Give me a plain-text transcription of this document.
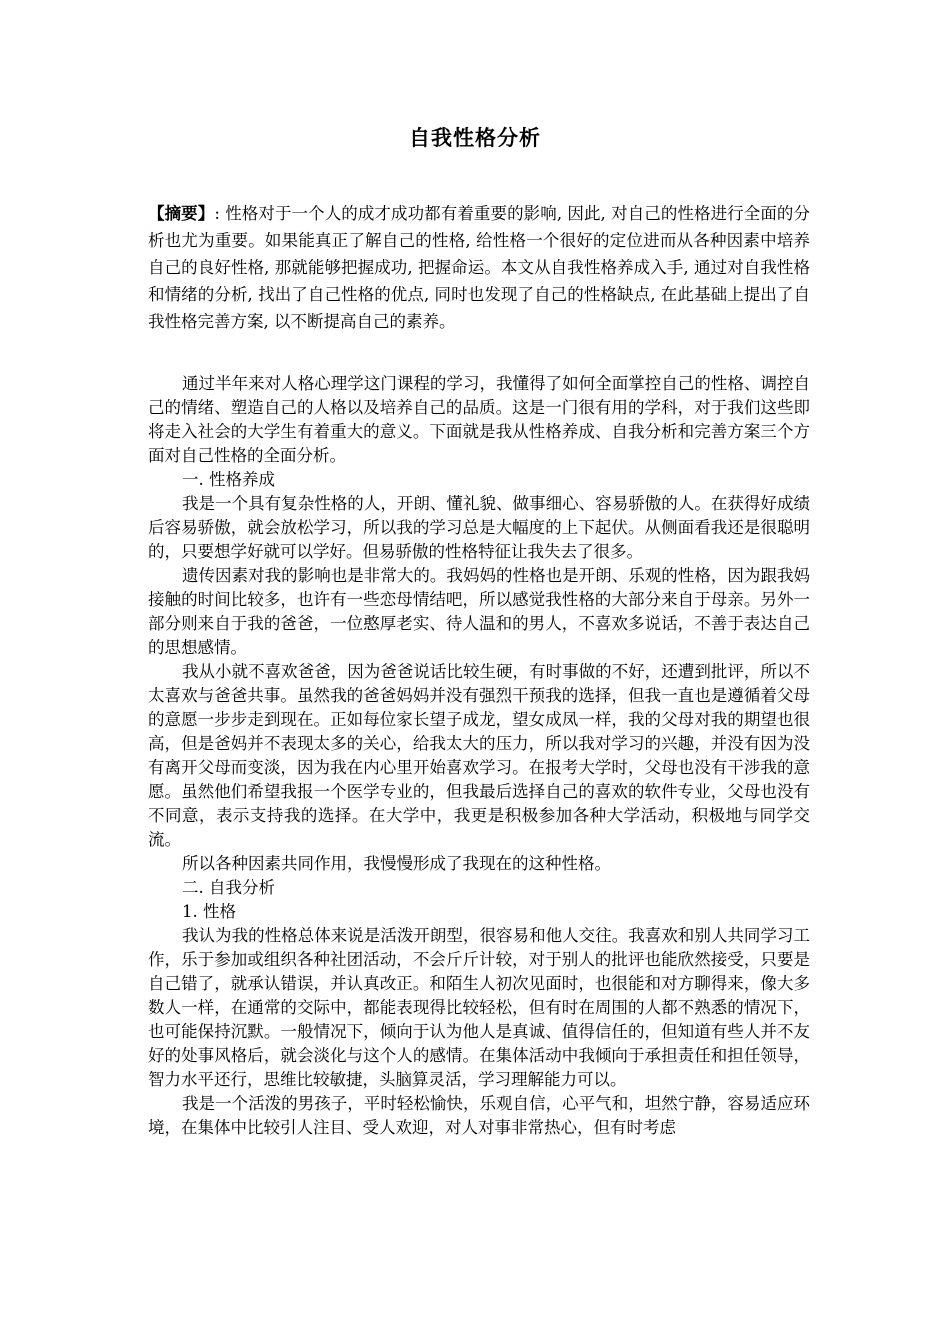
自我性格分析
【摘要】: 性格对于一个人的成才成功都有着重要的影响, 因此, 对自己的性格进行全面的分析也尤为重要。如果能真正了解自己的性格, 给性格一个很好的定位进而从各种因素中培养自己的良好性格, 那就能够把握成功, 把握命运。本文从自我性格养成入手, 通过对自我性格和情绪的分析, 找出了自己性格的优点, 同时也发现了自己的性格缺点, 在此基础上提出了自我性格完善方案, 以不断提高自己的素养。

通过半年来对人格心理学这门课程的学习，我懂得了如何全面掌控自己的性格、调控自己的情绪、塑造自己的人格以及培养自己的品质。这是一门很有用的学科，对于我们这些即将走入社会的大学生有着重大的意义。下面就是我从性格养成、自我分析和完善方案三个方面对自己性格的全面分析。

一. 性格养成

我是一个具有复杂性格的人，开朗、懂礼貌、做事细心、容易骄傲的人。在获得好成绩后容易骄傲，就会放松学习，所以我的学习总是大幅度的上下起伏。从侧面看我还是很聪明的，只要想学好就可以学好。但易骄傲的性格特征让我失去了很多。

遗传因素对我的影响也是非常大的。我妈妈的性格也是开朗、乐观的性格，因为跟我妈接触的时间比较多，也许有一些恋母情结吧，所以感觉我性格的大部分来自于母亲。另外一部分则来自于我的爸爸，一位憨厚老实、待人温和的男人，不喜欢多说话，不善于表达自己的思想感情。

我从小就不喜欢爸爸，因为爸爸说话比较生硬，有时事做的不好，还遭到批评，所以不太喜欢与爸爸共事。虽然我的爸爸妈妈并没有强烈干预我的选择，但我一直也是遵循着父母的意愿一步步走到现在。正如每位家长望子成龙，望女成凤一样，我的父母对我的期望也很高，但是爸妈并不表现太多的关心，给我太大的压力，所以我对学习的兴趣，并没有因为没有离开父母而变淡，因为我在内心里开始喜欢学习。在报考大学时，父母也没有干涉我的意愿。虽然他们希望我报一个医学专业的，但我最后选择自己的喜欢的软件专业，父母也没有不同意，表示支持我的选择。在大学中，我更是积极参加各种大学活动，积极地与同学交流。

所以各种因素共同作用，我慢慢形成了我现在的这种性格。

二. 自我分析

1. 性格

我认为我的性格总体来说是活泼开朗型，很容易和他人交往。我喜欢和别人共同学习工作，乐于参加或组织各种社团活动，不会斤斤计较，对于别人的批评也能欣然接受，只要是自己错了，就承认错误，并认真改正。和陌生人初次见面时，也很能和对方聊得来，像大多数人一样，在通常的交际中，都能表现得比较轻松，但有时在周围的人都不熟悉的情况下，也可能保持沉默。一般情况下，倾向于认为他人是真诚、值得信任的，但知道有些人并不友好的处事风格后，就会淡化与这个人的感情。在集体活动中我倾向于承担责任和担任领导，智力水平还行，思维比较敏捷，头脑算灵活，学习理解能力可以。

我是一个活泼的男孩子，平时轻松愉快，乐观自信，心平气和，坦然宁静，容易适应环境，在集体中比较引人注目、受人欢迎，对人对事非常热心，但有时考虑
